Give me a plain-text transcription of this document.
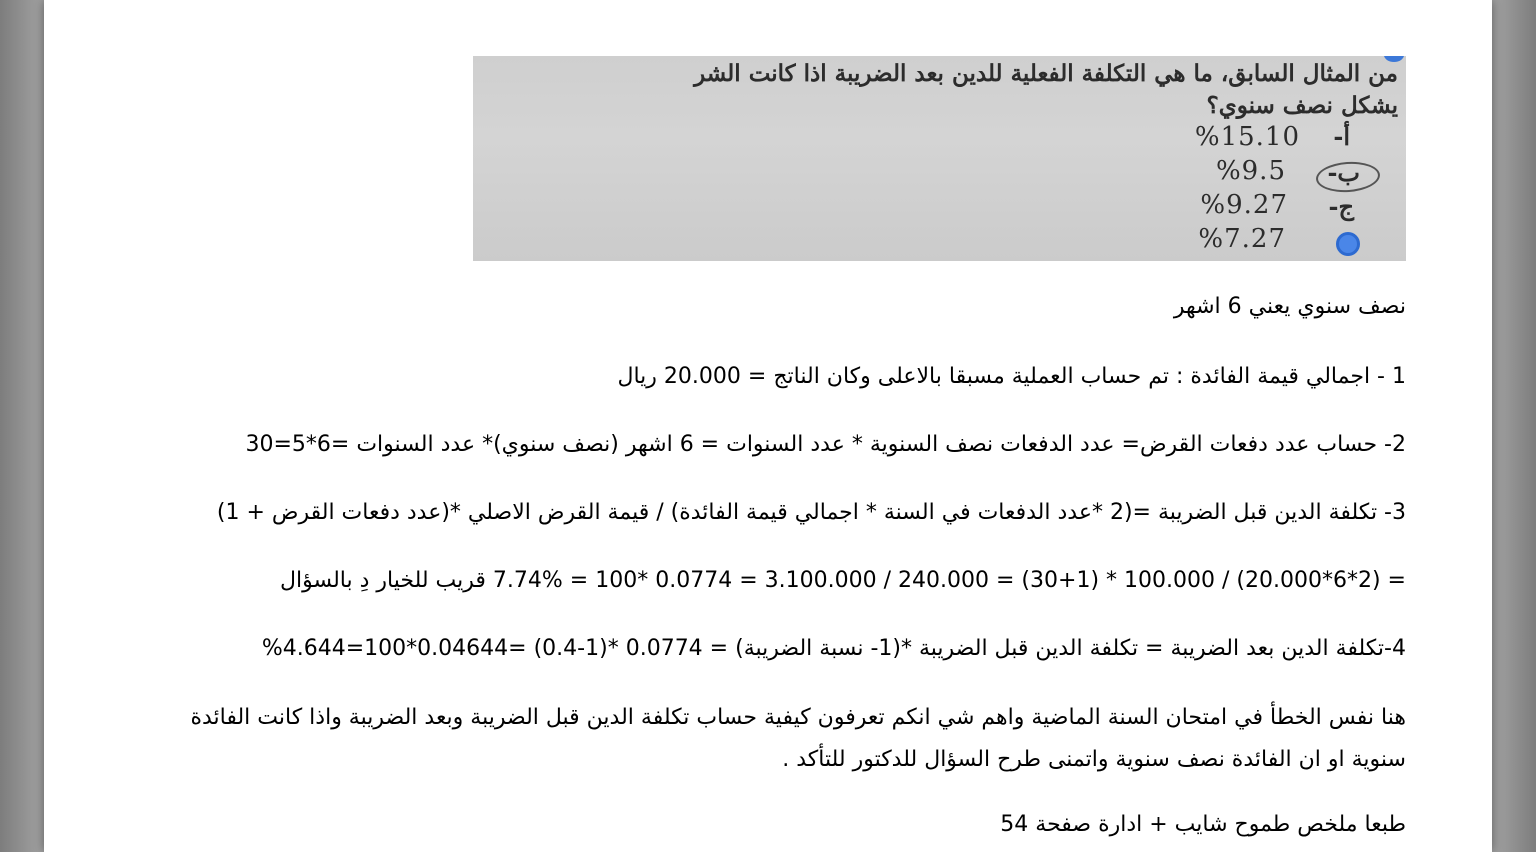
من المثال السابق، ما هي التكلفة الفعلية للدين بعد الضريبة اذا كانت الشر
يشكل نصف سنوي؟
%15.10 أ-
%9.5 ب-
%9.27 ج-
%7.27
نصف سنوي يعني 6 اشهر
1 - اجمالي قيمة الفائدة : تم حساب العملية مسبقا بالاعلى وكان الناتج = 20.000 ريال
2- حساب عدد دفعات القرض= عدد الدفعات نصف السنوية * عدد السنوات = 6 اشهر (نصف سنوي)* عدد السنوات =6*5=30
3- تكلفة الدين قبل الضريبة =(2 *عدد الدفعات في السنة * اجمالي قيمة الفائدة) / قيمة القرض الاصلي *(عدد دفعات القرض + 1)
= (2*6*20.000) / 100.000 * (30+1) = 240.000 / 3.100.000 = 0.0774 *100 = 7.74% قريب للخيار دِ بالسؤال
4-تكلفة الدين بعد الضريبة = تكلفة الدين قبل الضريبة *(1- نسبة الضريبة) = 0.0774 *(1-0.4) =0.04644*100=4.644%
هنا نفس الخطأ في امتحان السنة الماضية واهم شي انكم تعرفون كيفية حساب تكلفة الدين قبل الضريبة وبعد الضريبة واذا كانت الفائدة سنوية او ان الفائدة نصف سنوية واتمنى طرح السؤال للدكتور للتأكد .
طبعا ملخص طموح شايب + ادارة صفحة 54
